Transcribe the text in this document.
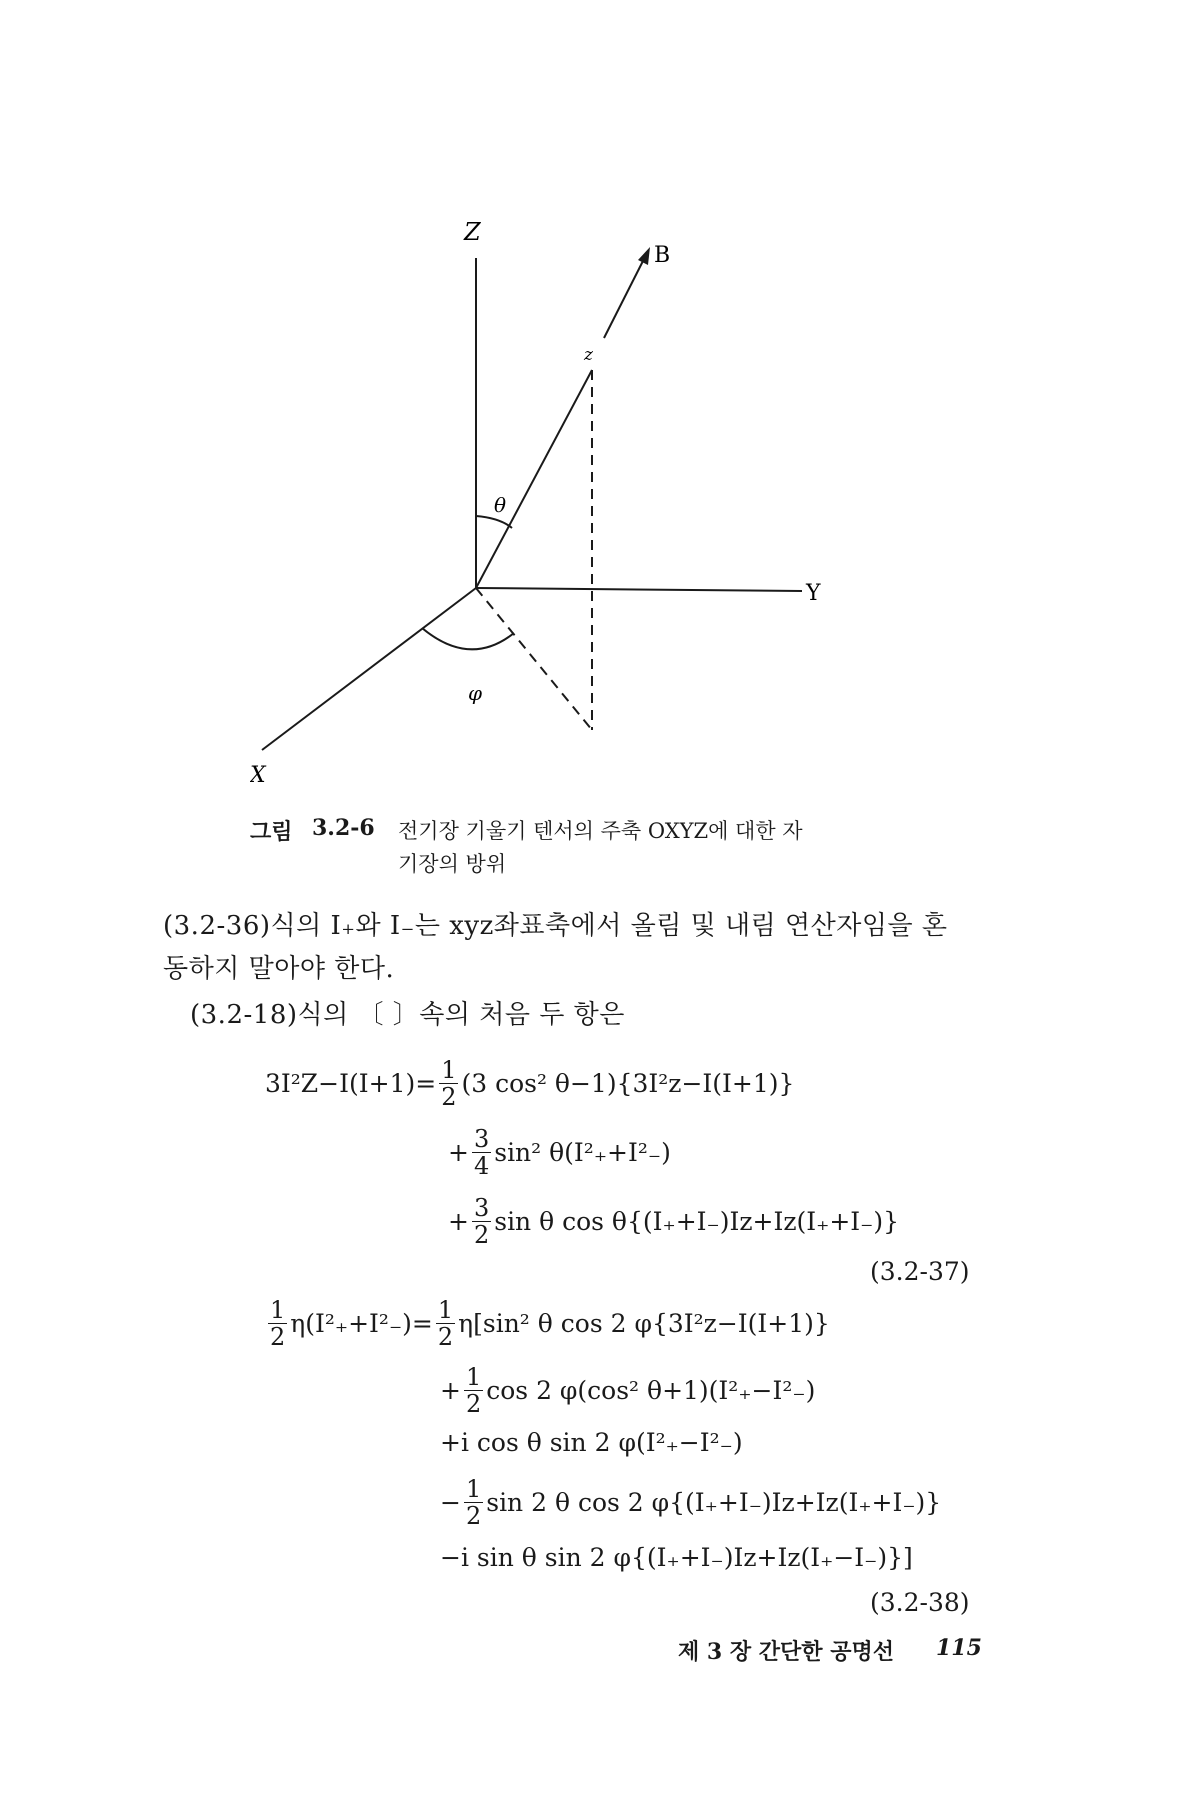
Z
B
z
θ
Y
φ
X
그림 3.2-6 전기장 기울기 텐서의 주축 OXYZ에 대한 자
기장의 방위
(3.2-36)식의 I₊와 I₋는 xyz좌표축에서 올림 및 내림 연산자임을 혼
동하지 말아야 한다.
(3.2-18)식의 〔 〕속의 처음 두 항은
$3I^2Z-I(I+1)= \frac{1}{2} (3$ cos² θ−1){3I²z−I(I+1)}
+ $\frac{3}{4} \sin^2$ θ(I²₊+I²₋)
+ $\frac{3}{2}$ sin θ cos θ{(I₊+I₋)Iz+Iz(I₊+I₋)}
(3.2-37)
$\frac{1}{2} \eta(I^2_++I^2_-)= \frac{1}{2} \eta[\sin^2$ θ cos 2 φ{3I²z−I(I+1)}
+ $\frac{1}{2}$ cos 2 φ(cos² θ+1)(I²₊−I²₋)
+i cos θ sin 2 φ(I²₊−I²₋)
− $\frac{1}{2}$ sin 2 θ cos 2 φ{(I₊+I₋)Iz+Iz(I₊+I₋)}
−i sin θ sin 2 φ{(I₊+I₋)Iz+Iz(I₊−I₋)}]
(3.2-38)
제 3 장 간단한 공명선 115
